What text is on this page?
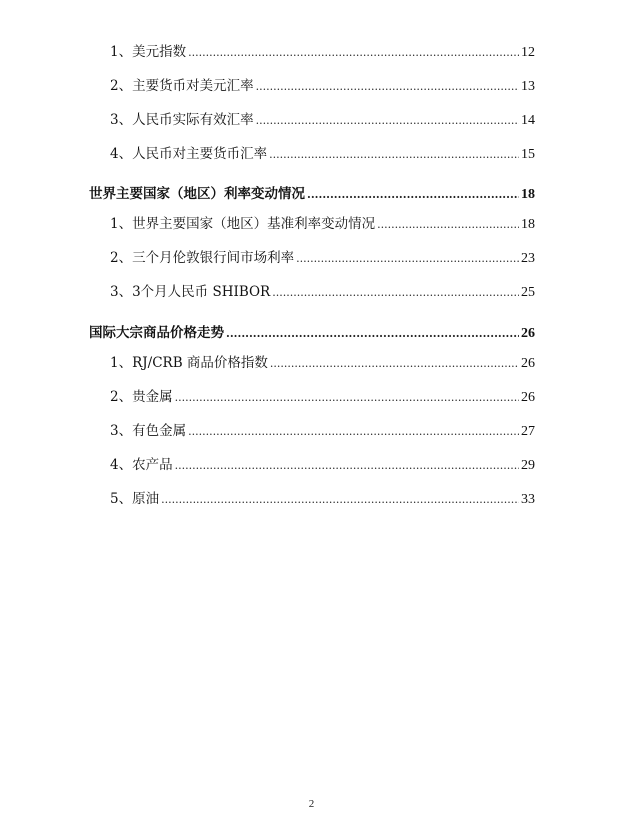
1、美元指数 .....	12
2、主要货币对美元汇率 .....	13
3、人民币实际有效汇率 .....	14
4、人民币对主要货币汇率 .....	15
世界主要国家（地区）利率变动情况 .....	18
1、世界主要国家（地区）基准利率变动情况 .....	18
2、三个月伦敦银行间市场利率 .....	23
3、3个月人民币 SHIBOR .....	25
国际大宗商品价格走势 .....	26
1、RJ/CRB 商品价格指数 .....	26
2、贵金属 .....	26
3、有色金属 .....	27
4、农产品 .....	29
5、原油 .....	33
2
